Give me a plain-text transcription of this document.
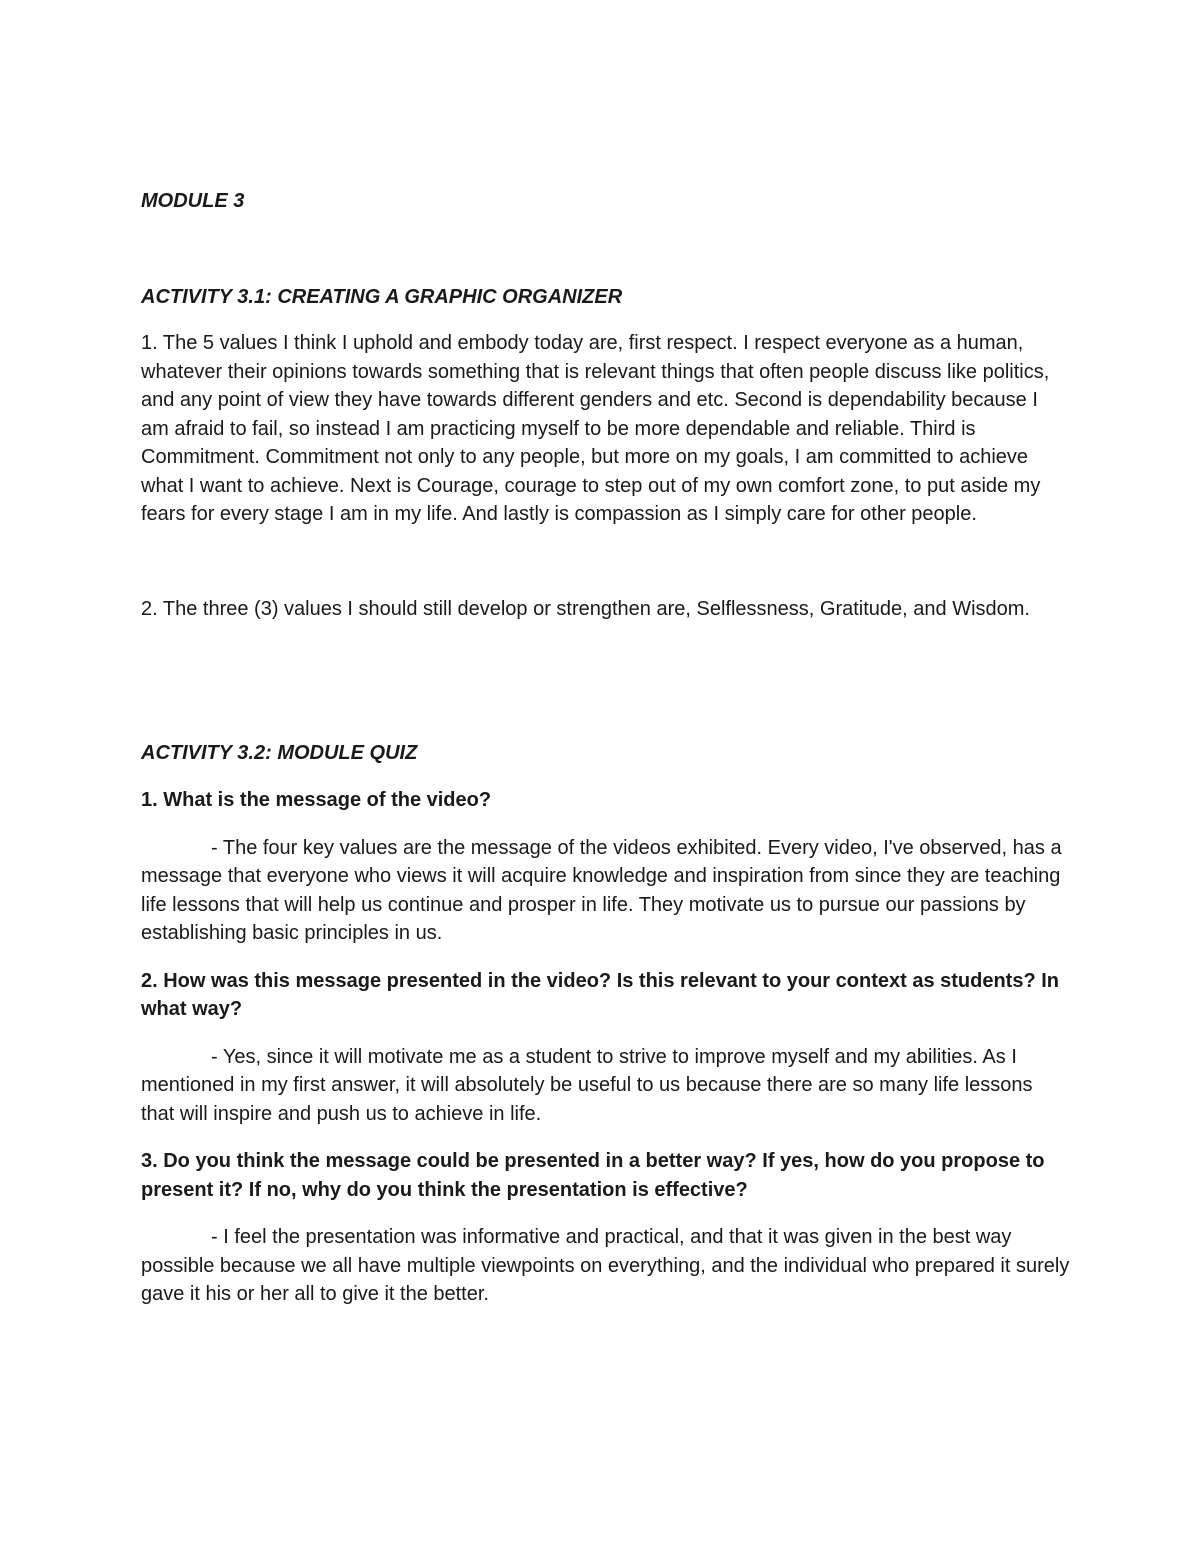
MODULE 3

ACTIVITY 3.1: CREATING A GRAPHIC ORGANIZER

1. The 5 values I think I uphold and embody today are, first respect. I respect everyone as a human, whatever their opinions towards something that is relevant things that often people discuss like politics, and any point of view they have towards different genders and etc. Second is dependability because I am afraid to fail, so instead I am practicing myself to be more dependable and reliable. Third is Commitment. Commitment not only to any people, but more on my goals, I am committed to achieve what I want to achieve. Next is Courage, courage to step out of my own comfort zone, to put aside my fears for every stage I am in my life. And lastly is compassion as I simply care for other people.

2. The three (3) values I should still develop or strengthen are, Selflessness, Gratitude, and Wisdom.

ACTIVITY 3.2: MODULE QUIZ

1. What is the message of the video?

- The four key values are the message of the videos exhibited. Every video, I've observed, has a message that everyone who views it will acquire knowledge and inspiration from since they are teaching life lessons that will help us continue and prosper in life. They motivate us to pursue our passions by establishing basic principles in us.

2. How was this message presented in the video? Is this relevant to your context as students? In what way?

- Yes, since it will motivate me as a student to strive to improve myself and my abilities. As I mentioned in my first answer, it will absolutely be useful to us because there are so many life lessons that will inspire and push us to achieve in life.

3. Do you think the message could be presented in a better way? If yes, how do you propose to present it? If no, why do you think the presentation is effective?

- I feel the presentation was informative and practical, and that it was given in the best way possible because we all have multiple viewpoints on everything, and the individual who prepared it surely gave it his or her all to give it the better.
